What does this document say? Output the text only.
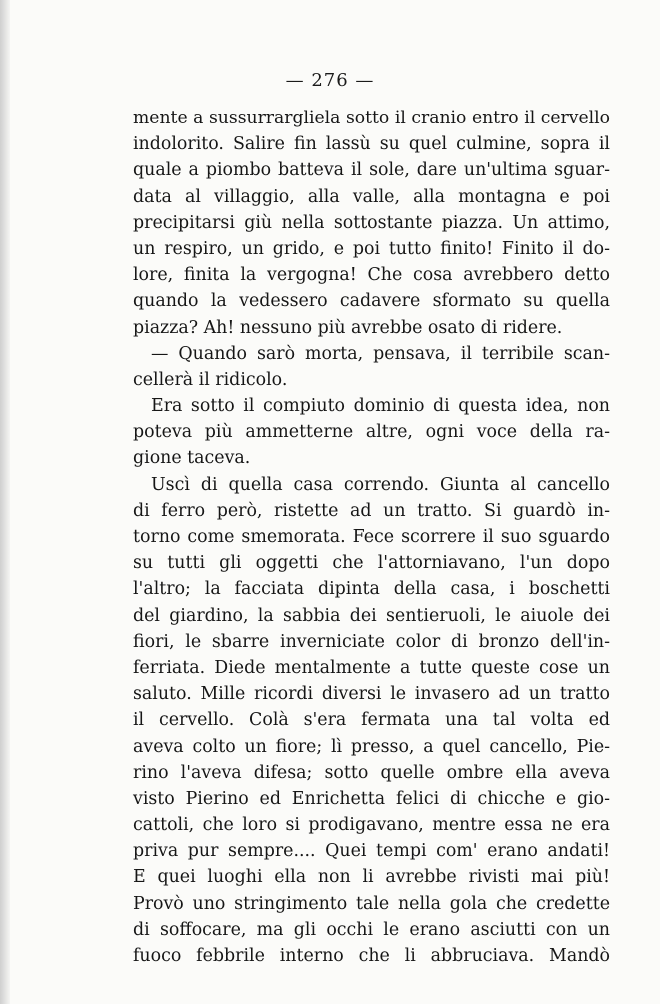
— 276 —
mente a sussurrargliela sotto il cranio entro il cervello
indolorito. Salire fin lassù su quel culmine, sopra il
quale a piombo batteva il sole, dare un'ultima sguar-
data al villaggio, alla valle, alla montagna e poi
precipitarsi giù nella sottostante piazza. Un attimo,
un respiro, un grido, e poi tutto finito! Finito il do-
lore, finita la vergogna! Che cosa avrebbero detto
quando la vedessero cadavere sformato su quella
piazza? Ah! nessuno più avrebbe osato di ridere.
— Quando sarò morta, pensava, il terribile scan-
cellerà il ridicolo.
Era sotto il compiuto dominio di questa idea, non
poteva più ammetterne altre, ogni voce della ra-
gione taceva.
Uscì di quella casa correndo. Giunta al cancello
di ferro però, ristette ad un tratto. Si guardò in-
torno come smemorata. Fece scorrere il suo sguardo
su tutti gli oggetti che l'attorniavano, l'un dopo
l'altro; la facciata dipinta della casa, i boschetti
del giardino, la sabbia dei sentieruoli, le aiuole dei
fiori, le sbarre inverniciate color di bronzo dell'in-
ferriata. Diede mentalmente a tutte queste cose un
saluto. Mille ricordi diversi le invasero ad un tratto
il cervello. Colà s'era fermata una tal volta ed
aveva colto un fiore; lì presso, a quel cancello, Pie-
rino l'aveva difesa; sotto quelle ombre ella aveva
visto Pierino ed Enrichetta felici di chicche e gio-
cattoli, che loro si prodigavano, mentre essa ne era
priva pur sempre.... Quei tempi com' erano andati!
E quei luoghi ella non li avrebbe rivisti mai più!
Provò uno stringimento tale nella gola che credette
di soffocare, ma gli occhi le erano asciutti con un
fuoco febbrile interno che li abbruciava. Mandò
